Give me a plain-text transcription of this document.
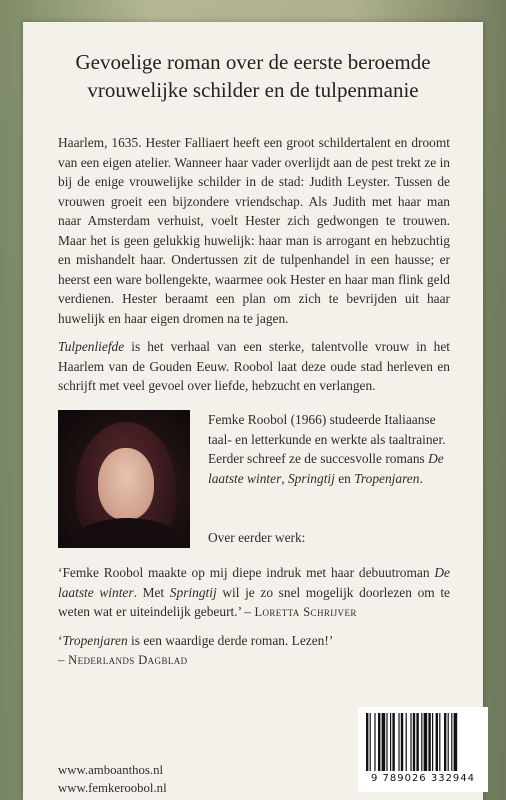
Gevoelige roman over de eerste beroemde
vrouwelijke schilder en de tulpenmanie
Haarlem, 1635. Hester Falliaert heeft een groot schildertalent en droomt van een eigen atelier. Wanneer haar vader overlijdt aan de pest trekt ze in bij de enige vrouwelijke schilder in de stad: Judith Leyster. Tussen de vrouwen groeit een bijzondere vriendschap. Als Judith met haar man naar Amsterdam verhuist, voelt Hester zich gedwongen te trouwen. Maar het is geen gelukkig huwelijk: haar man is arrogant en hebzuchtig en mishandelt haar. Ondertussen zit de tulpenhandel in een hausse; er heerst een ware bollengekte, waarmee ook Hester en haar man flink geld verdienen. Hester beraamt een plan om zich te bevrijden uit haar huwelijk en haar eigen dromen na te jagen.
Tulpenliefde is het verhaal van een sterke, talentvolle vrouw in het Haarlem van de Gouden Eeuw. Roobol laat deze oude stad herleven en schrijft met veel gevoel over liefde, hebzucht en verlangen.
Femke Roobol (1966) studeerde Italiaanse taal- en letterkunde en werkte als taaltrainer. Eerder schreef ze de succesvolle romans De laatste winter, Springtij en Tropenjaren.
Over eerder werk:
‘Femke Roobol maakte op mij diepe indruk met haar debuutroman De laatste winter. Met Springtij wil je zo snel mogelijk doorlezen om te weten wat er uiteindelijk gebeurt.’ – Loretta Schrijver
‘Tropenjaren is een waardige derde roman. Lezen!’
– Nederlands Dagblad
www.amboanthos.nl
www.femkeroobol.nl
9 789026 332944
